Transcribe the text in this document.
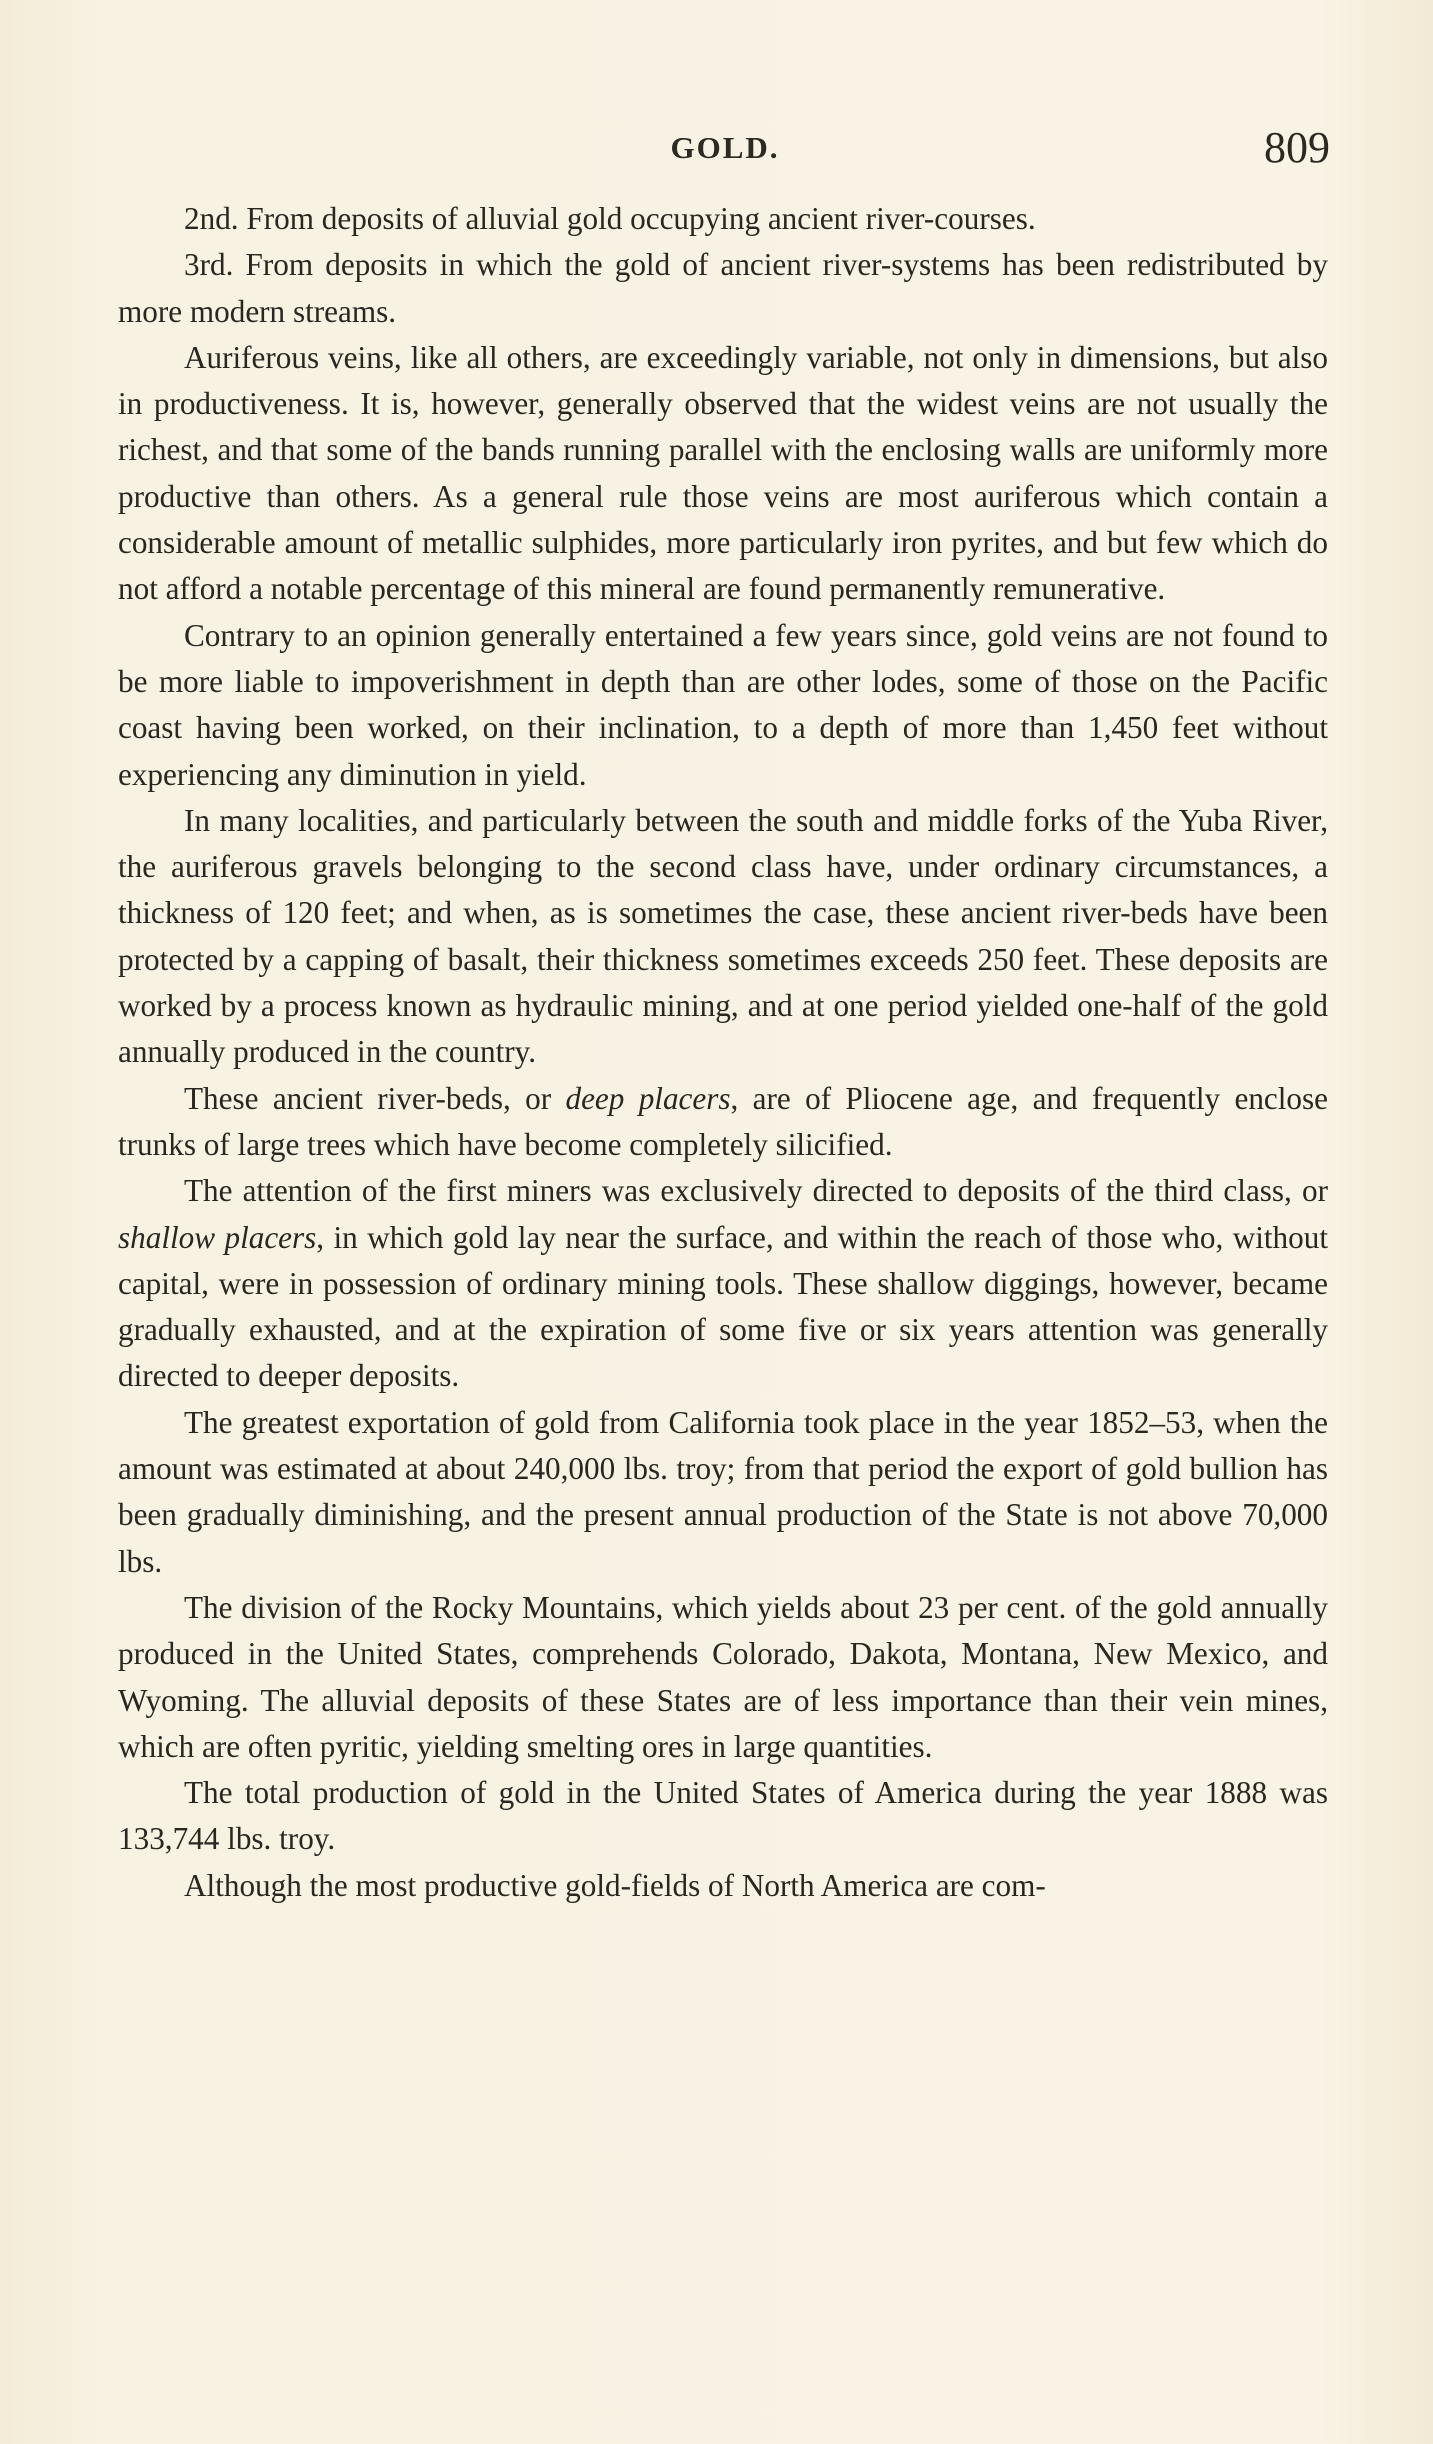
GOLD.	809

2nd. From deposits of alluvial gold occupying ancient river-courses.

3rd. From deposits in which the gold of ancient river-systems has been redistributed by more modern streams.

Auriferous veins, like all others, are exceedingly variable, not only in dimensions, but also in productiveness. It is, however, generally observed that the widest veins are not usually the richest, and that some of the bands running parallel with the enclosing walls are uniformly more productive than others. As a general rule those veins are most auriferous which contain a considerable amount of metallic sulphides, more particularly iron pyrites, and but few which do not afford a notable percentage of this mineral are found permanently remunerative.

Contrary to an opinion generally entertained a few years since, gold veins are not found to be more liable to impoverishment in depth than are other lodes, some of those on the Pacific coast having been worked, on their inclination, to a depth of more than 1,450 feet without experiencing any diminution in yield.

In many localities, and particularly between the south and middle forks of the Yuba River, the auriferous gravels belonging to the second class have, under ordinary circumstances, a thickness of 120 feet; and when, as is sometimes the case, these ancient river-beds have been protected by a capping of basalt, their thickness sometimes exceeds 250 feet. These deposits are worked by a process known as hydraulic mining, and at one period yielded one-half of the gold annually produced in the country.

These ancient river-beds, or deep placers, are of Pliocene age, and frequently enclose trunks of large trees which have become completely silicified.

The attention of the first miners was exclusively directed to deposits of the third class, or shallow placers, in which gold lay near the surface, and within the reach of those who, without capital, were in possession of ordinary mining tools. These shallow diggings, however, became gradually exhausted, and at the expiration of some five or six years attention was generally directed to deeper deposits.

The greatest exportation of gold from California took place in the year 1852–53, when the amount was estimated at about 240,000 lbs. troy; from that period the export of gold bullion has been gradually diminishing, and the present annual production of the State is not above 70,000 lbs.

The division of the Rocky Mountains, which yields about 23 per cent. of the gold annually produced in the United States, comprehends Colorado, Dakota, Montana, New Mexico, and Wyoming. The alluvial deposits of these States are of less importance than their vein mines, which are often pyritic, yielding smelting ores in large quantities.

The total production of gold in the United States of America during the year 1888 was 133,744 lbs. troy.

Although the most productive gold-fields of North America are com-
